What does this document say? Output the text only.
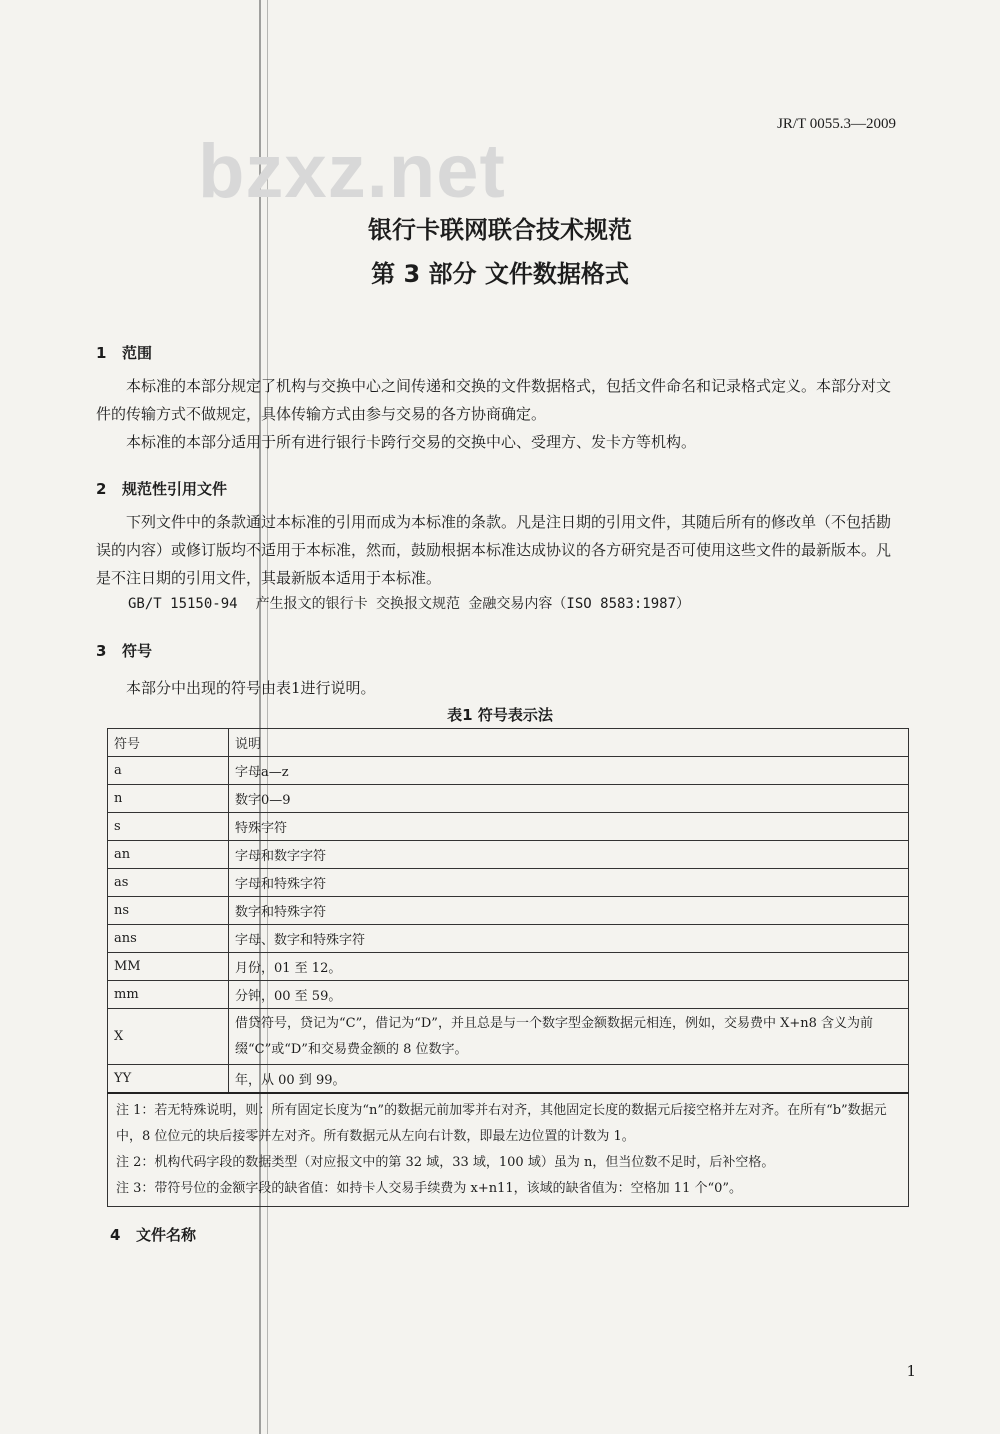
bzxz.net
JR/T 0055.3—2009
银行卡联网联合技术规范
第 3 部分 文件数据格式
1 范围

本标准的本部分规定了机构与交换中心之间传递和交换的文件数据格式，包括文件命名和记录格式定义。本部分对文件的传输方式不做规定，具体传输方式由参与交易的各方协商确定。

本标准的本部分适用于所有进行银行卡跨行交易的交换中心、受理方、发卡方等机构。

2 规范性引用文件

下列文件中的条款通过本标准的引用而成为本标准的条款。凡是注日期的引用文件，其随后所有的修改单（不包括勘误的内容）或修订版均不适用于本标准，然而，鼓励根据本标准达成协议的各方研究是否可使用这些文件的最新版本。凡是不注日期的引用文件，其最新版本适用于本标准。

GB/T 15150-94 产生报文的银行卡 交换报文规范 金融交易内容（ISO 8583:1987）
3 符号

本部分中出现的符号由表1进行说明。

表1 符号表示法
符号	说明
a	字母a—z
n	数字0—9
s	特殊字符
an	字母和数字字符
as	字母和特殊字符
ns	数字和特殊字符
ans	字母、数字和特殊字符
MM	月份，01 至 12。
mm	分钟，00 至 59。
X	借贷符号，贷记为“C”，借记为“D”，并且总是与一个数字型金额数据元相连，例如，交易费中 X+n8 含义为前缀“C”或“D”和交易费金额的 8 位数字。
YY	年，从 00 到 99。

注 1：若无特殊说明，则：所有固定长度为“n”的数据元前加零并右对齐，其他固定长度的数据元后接空格并左对齐。在所有“b”数据元中，8 位位元的块后接零并左对齐。所有数据元从左向右计数，即最左边位置的计数为 1。
注 2：机构代码字段的数据类型（对应报文中的第 32 域，33 域，100 域）虽为 n，但当位数不足时，后补空格。
注 3：带符号位的金额字段的缺省值：如持卡人交易手续费为 x+n11，该域的缺省值为：空格加 11 个“0”。	
4 文件名称
1
